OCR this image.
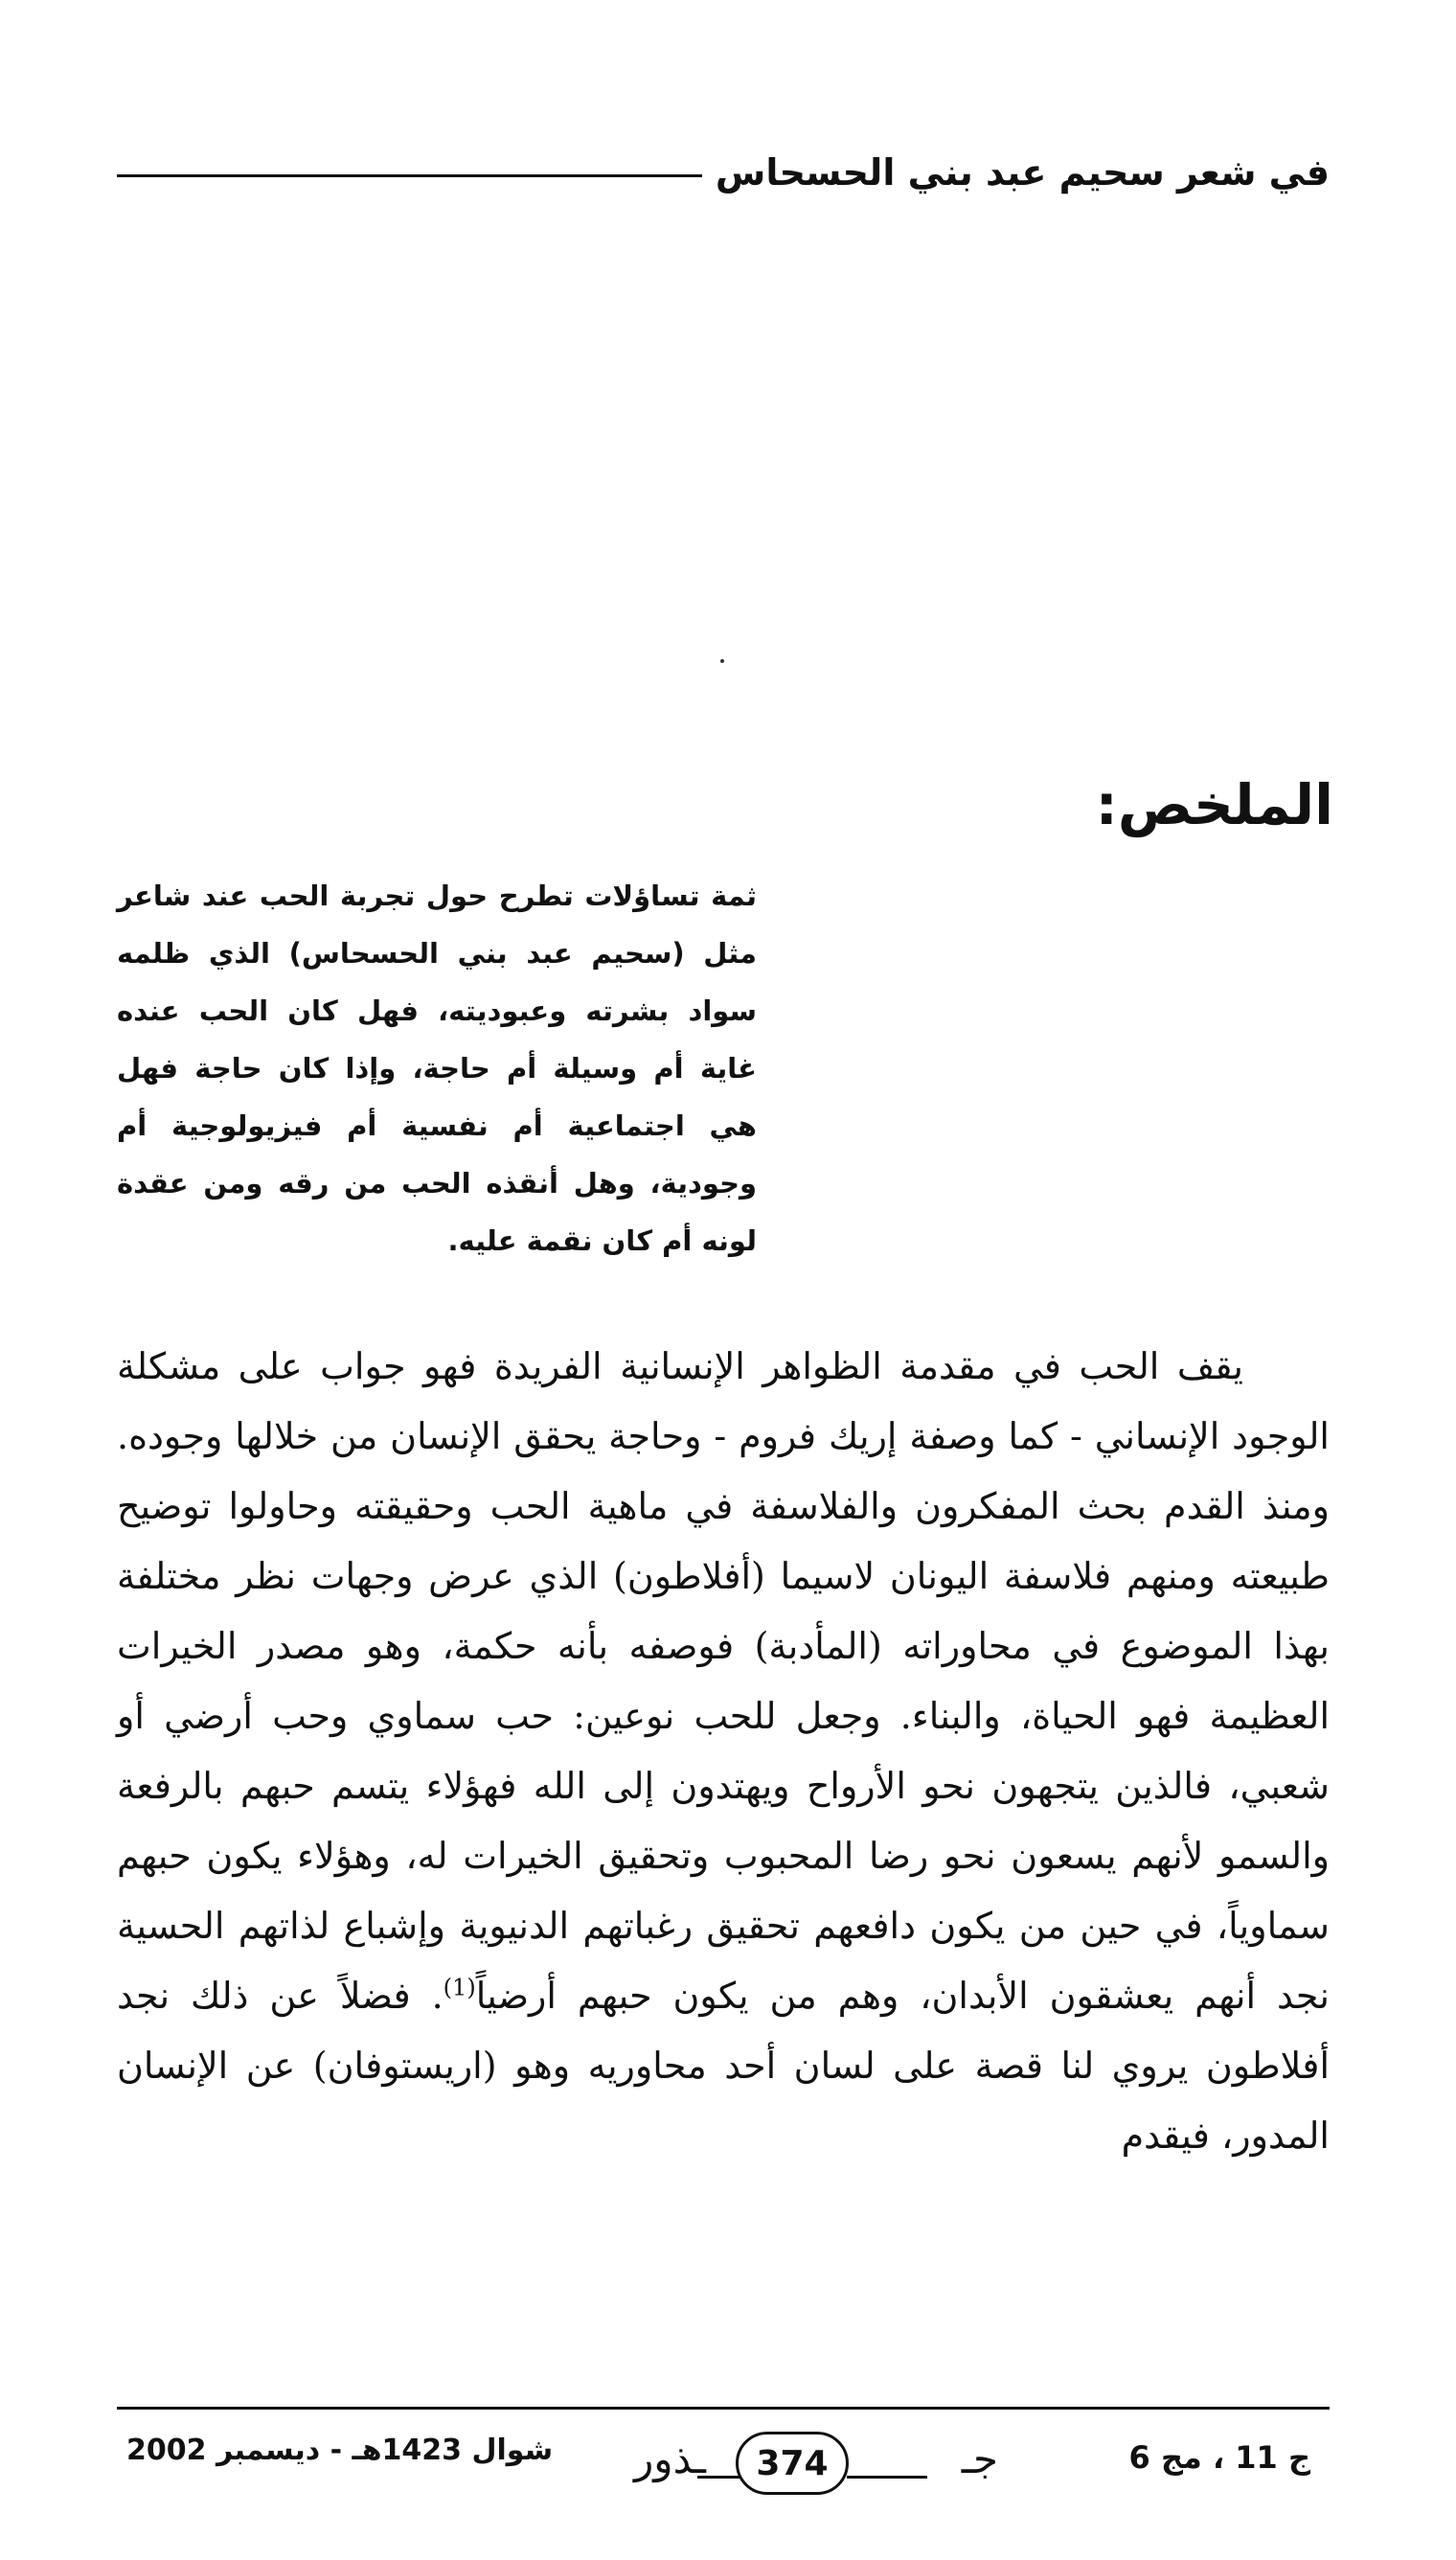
في شعر سحيم عبد بني الحسحاس
الملخص:
ثمة تساؤلات تطرح حول تجربة الحب عند شاعر مثل (سحيم عبد بني الحسحاس) الذي ظلمه سواد بشرته وعبوديته، فهل كان الحب عنده غاية أم وسيلة أم حاجة، وإذا كان حاجة فهل هي اجتماعية أم نفسية أم فيزيولوجية أم وجودية، وهل أنقذه الحب من رقه ومن عقدة لونه أم كان نقمة عليه.
يقف الحب في مقدمة الظواهر الإنسانية الفريدة فهو جواب على مشكلة الوجود الإنساني - كما وصفة إريك فروم - وحاجة يحقق الإنسان من خلالها وجوده. ومنذ القدم بحث المفكرون والفلاسفة في ماهية الحب وحقيقته وحاولوا توضيح طبيعته ومنهم فلاسفة اليونان لاسيما (أفلاطون) الذي عرض وجهات نظر مختلفة بهذا الموضوع في محاوراته (المأدبة) فوصفه بأنه حكمة، وهو مصدر الخيرات العظيمة فهو الحياة، والبناء. وجعل للحب نوعين: حب سماوي وحب أرضي أو شعبي، فالذين يتجهون نحو الأرواح ويهتدون إلى الله فهؤلاء يتسم حبهم بالرفعة والسمو لأنهم يسعون نحو رضا المحبوب وتحقيق الخيرات له، وهؤلاء يكون حبهم سماوياً، في حين من يكون دافعهم تحقيق رغباتهم الدنيوية وإشباع لذاتهم الحسية نجد أنهم يعشقون الأبدان، وهم من يكون حبهم أرضياً$^{(1)}$. فضلاً عن ذلك نجد أفلاطون يروي لنا قصة على لسان أحد محاوريه وهو (اريستوفان) عن الإنسان المدور، فيقدم
ج 11 ، مج 6
ـذور	374	جـ
شوال 1423هـ - ديسمبر 2002
